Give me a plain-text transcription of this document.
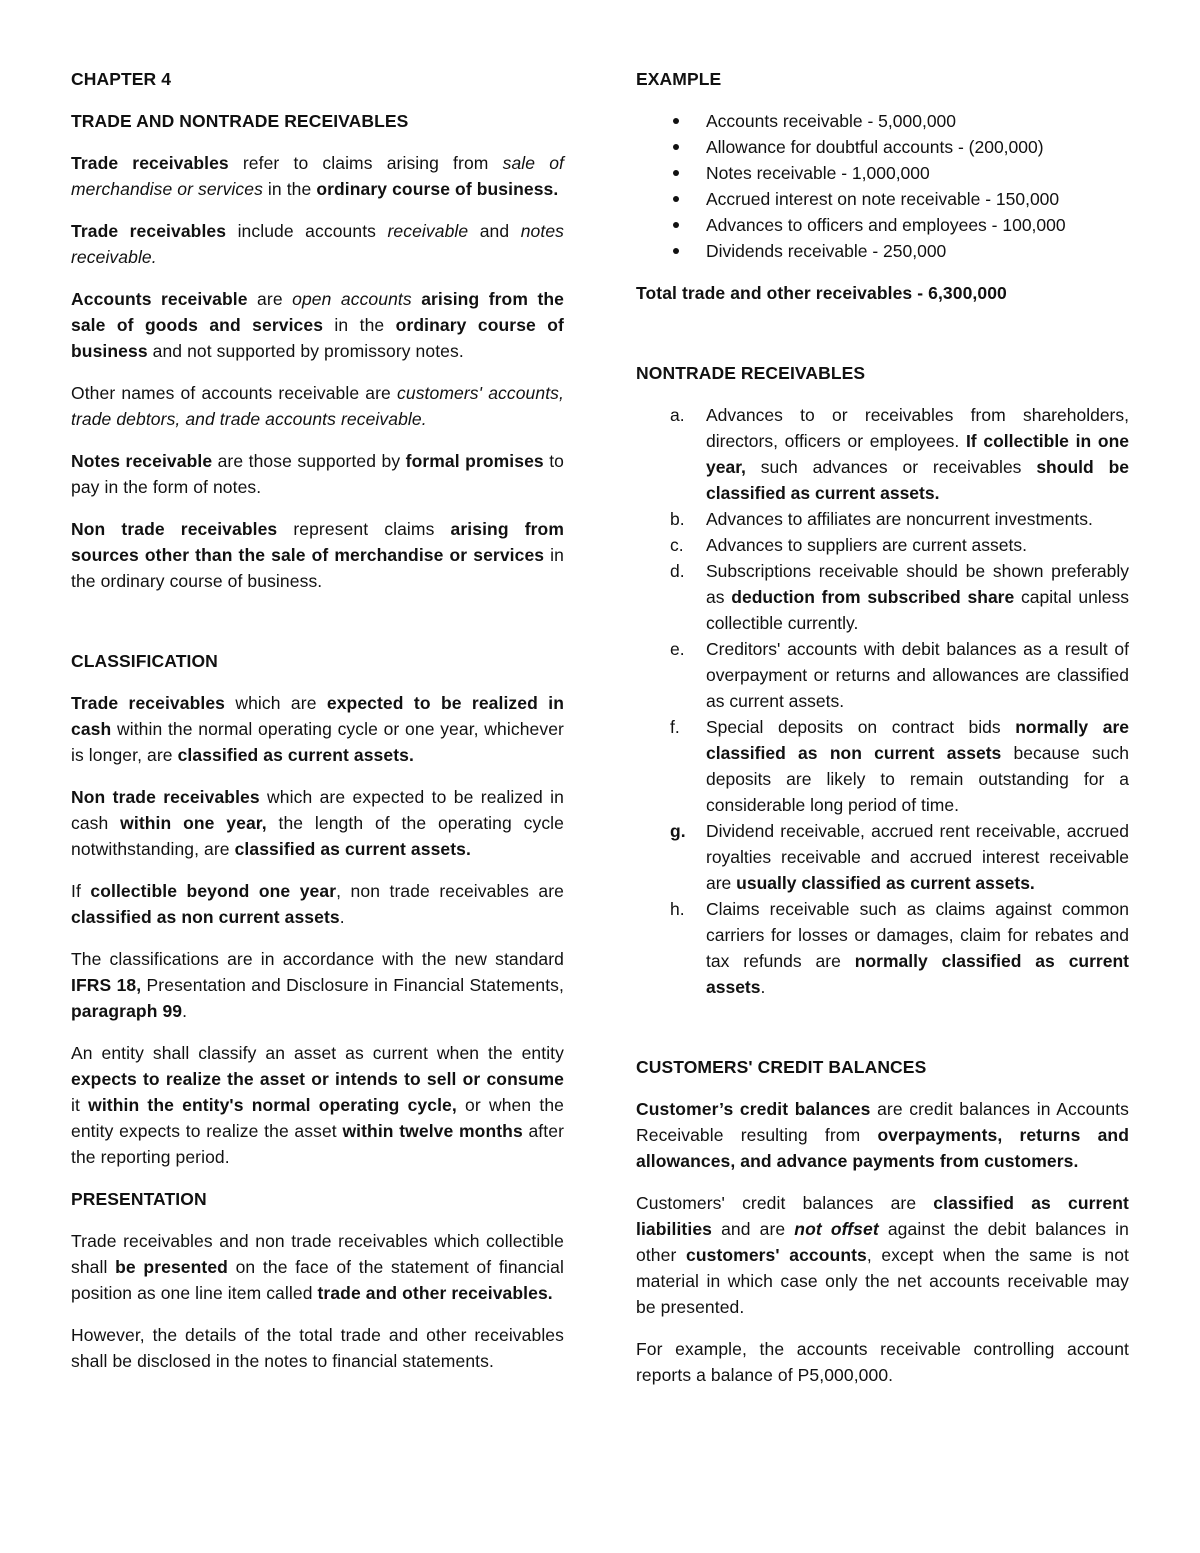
CHAPTER 4
TRADE AND NONTRADE RECEIVABLES

Trade receivables refer to claims arising from sale of merchandise or services in the ordinary course of business.

Trade receivables include accounts receivable and notes receivable.

Accounts receivable are open accounts arising from the sale of goods and services in the ordinary course of business and not supported by promissory notes.

Other names of accounts receivable are customers' accounts, trade debtors, and trade accounts receivable.

Notes receivable are those supported by formal promises to pay in the form of notes.

Non trade receivables represent claims arising from sources other than the sale of merchandise or services in the ordinary course of business.

CLASSIFICATION

Trade receivables which are expected to be realized in cash within the normal operating cycle or one year, whichever is longer, are classified as current assets.

Non trade receivables which are expected to be realized in cash within one year, the length of the operating cycle notwithstanding, are classified as current assets.

If collectible beyond one year, non trade receivables are classified as non current assets.

The classifications are in accordance with the new standard IFRS 18, Presentation and Disclosure in Financial Statements, paragraph 99.

An entity shall classify an asset as current when the entity expects to realize the asset or intends to sell or consume it within the entity's normal operating cycle, or when the entity expects to realize the asset within twelve months after the reporting period.

PRESENTATION

Trade receivables and non trade receivables which collectible shall be presented on the face of the statement of financial position as one line item called trade and other receivables.

However, the details of the total trade and other receivables shall be disclosed in the notes to financial statements.

EXAMPLE
Accounts receivable - 5,000,000
Allowance for doubtful accounts - (200,000)
Notes receivable - 1,000,000
Accrued interest on note receivable - 150,000
Advances to officers and employees - 100,000
Dividends receivable - 250,000
Total trade and other receivables - 6,300,000
NONTRADE RECEIVABLES
a. Advances to or receivables from shareholders, directors, officers or employees. If collectible in one year, such advances or receivables should be classified as current assets.
b. Advances to affiliates are noncurrent investments.
c. Advances to suppliers are current assets.
d. Subscriptions receivable should be shown preferably as deduction from subscribed share capital unless collectible currently.
e. Creditors' accounts with debit balances as a result of overpayment or returns and allowances are classified as current assets.
f. Special deposits on contract bids normally are classified as non current assets because such deposits are likely to remain outstanding for a considerable long period of time.
g. Dividend receivable, accrued rent receivable, accrued royalties receivable and accrued interest receivable are usually classified as current assets.
h. Claims receivable such as claims against common carriers for losses or damages, claim for rebates and tax refunds are normally classified as current assets.
CUSTOMERS' CREDIT BALANCES

Customer’s credit balances are credit balances in Accounts Receivable resulting from overpayments, returns and allowances, and advance payments from customers.

Customers' credit balances are classified as current liabilities and are not offset against the debit balances in other customers' accounts, except when the same is not material in which case only the net accounts receivable may be presented.

For example, the accounts receivable controlling account reports a balance of P5,000,000.
